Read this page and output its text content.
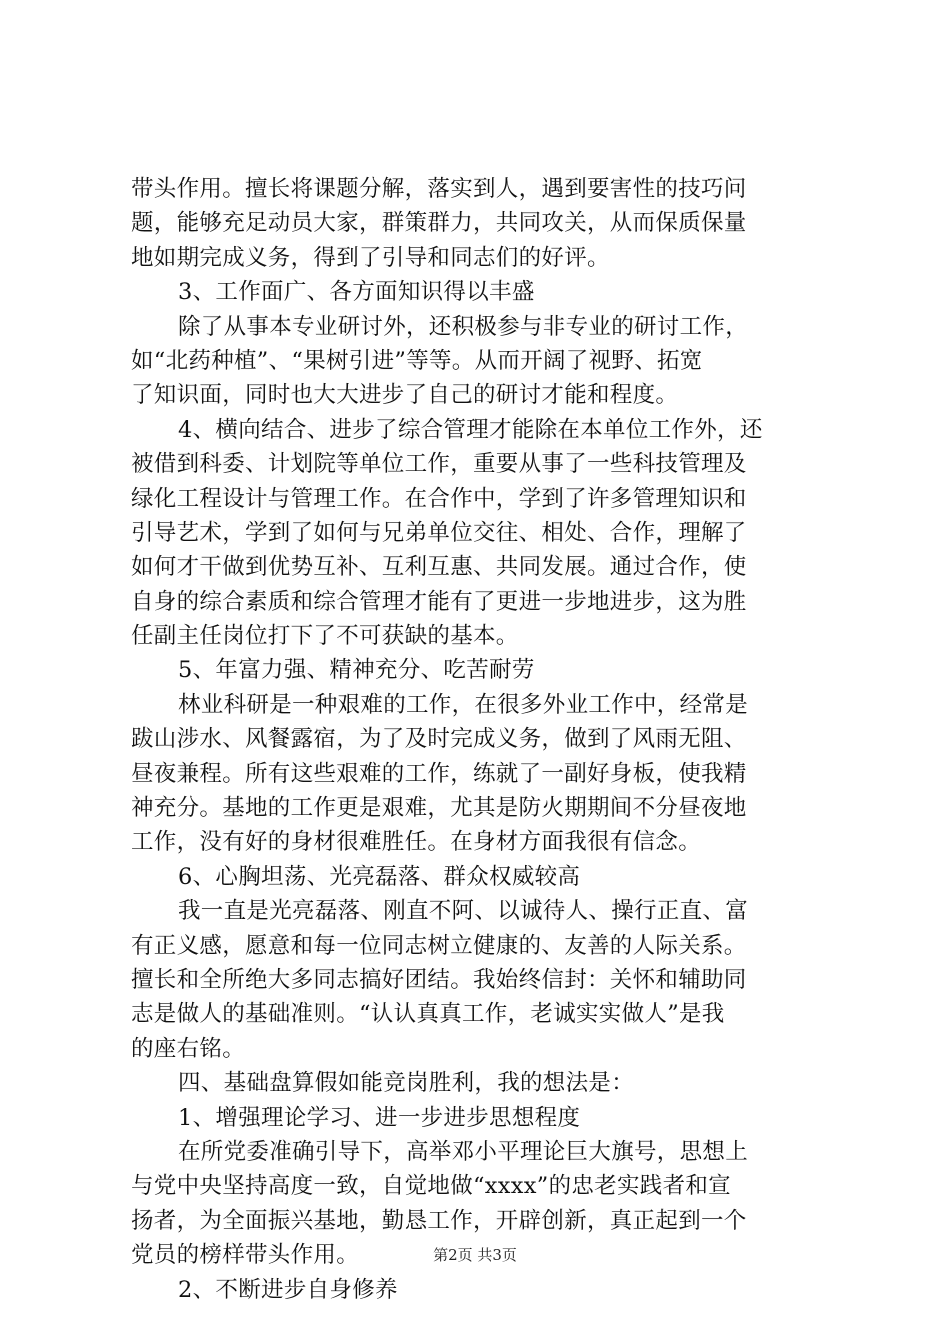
带头作用。擅长将课题分解，落实到人，遇到要害性的技巧问
题，能够充足动员大家，群策群力，共同攻关，从而保质保量
地如期完成义务，得到了引导和同志们的好评。
3、工作面广、各方面知识得以丰盛
除了从事本专业研讨外，还积极参与非专业的研讨工作，
如“北药种植”、“果树引进”等等。从而开阔了视野、拓宽
了知识面，同时也大大进步了自己的研讨才能和程度。
4、横向结合、进步了综合管理才能除在本单位工作外，还
被借到科委、计划院等单位工作，重要从事了一些科技管理及
绿化工程设计与管理工作。在合作中，学到了许多管理知识和
引导艺术，学到了如何与兄弟单位交往、相处、合作，理解了
如何才干做到优势互补、互利互惠、共同发展。通过合作，使
自身的综合素质和综合管理才能有了更进一步地进步，这为胜
任副主任岗位打下了不可获缺的基本。
5、年富力强、精神充分、吃苦耐劳
林业科研是一种艰难的工作，在很多外业工作中，经常是
跋山涉水、风餐露宿，为了及时完成义务，做到了风雨无阻、
昼夜兼程。所有这些艰难的工作，练就了一副好身板，使我精
神充分。基地的工作更是艰难，尤其是防火期期间不分昼夜地
工作，没有好的身材很难胜任。在身材方面我很有信念。
6、心胸坦荡、光亮磊落、群众权威较高
我一直是光亮磊落、刚直不阿、以诚待人、操行正直、富
有正义感，愿意和每一位同志树立健康的、友善的人际关系。
擅长和全所绝大多同志搞好团结。我始终信封：关怀和辅助同
志是做人的基础准则。“认认真真工作，老诚实实做人”是我
的座右铭。
四、基础盘算假如能竞岗胜利，我的想法是：
1、增强理论学习、进一步进步思想程度
在所党委准确引导下，高举邓小平理论巨大旗号，思想上
与党中央坚持高度一致，自觉地做“xxxx”的忠老实践者和宣
扬者，为全面振兴基地，勤恳工作，开辟创新，真正起到一个
党员的榜样带头作用。
2、不断进步自身修养
第2页 共3页
